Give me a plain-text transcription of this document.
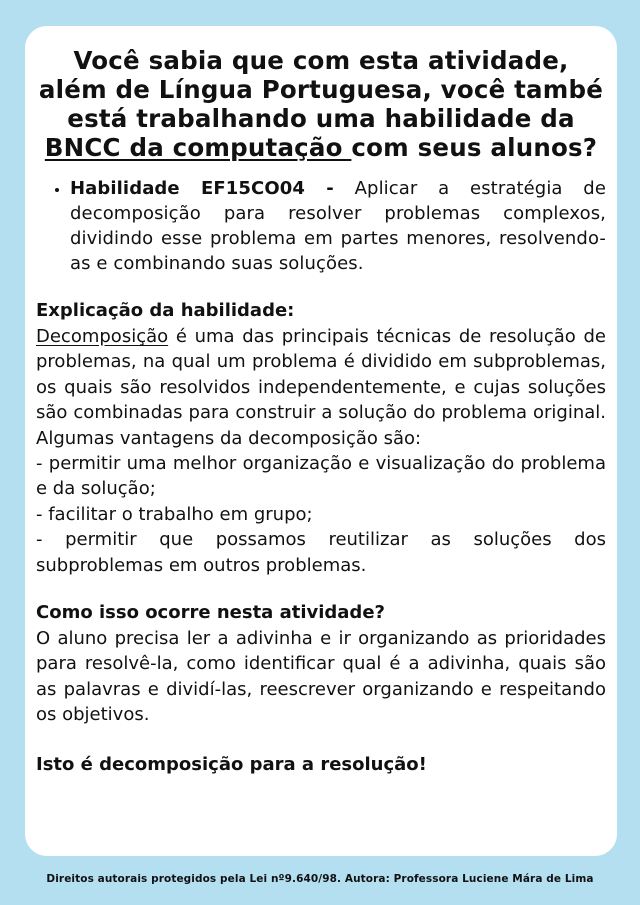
Você sabia que com esta atividade, além de Língua Portuguesa, você també está trabalhando uma habilidade da BNCC da computação com seus alunos?
• Habilidade EF15CO04 - Aplicar a estratégia de decomposição para resolver problemas complexos, dividindo esse problema em partes menores, resolvendo-as e combinando suas soluções.
Explicação da habilidade:

Decomposição é uma das principais técnicas de resolução de problemas, na qual um problema é dividido em subproblemas, os quais são resolvidos independentemente, e cujas soluções são combinadas para construir a solução do problema original. Algumas vantagens da decomposição são:

- permitir uma melhor organização e visualização do problema e da solução;

- facilitar o trabalho em grupo;

- permitir que possamos reutilizar as soluções dos subproblemas em outros problemas.

Como isso ocorre nesta atividade?

O aluno precisa ler a adivinha e ir organizando as prioridades para resolvê-la, como identificar qual é a adivinha, quais são as palavras e dividí-las, reescrever organizando e respeitando os objetivos.

Isto é decomposição para a resolução!
Direitos autorais protegidos pela Lei nº9.640/98. Autora: Professora Luciene Mára de Lima
